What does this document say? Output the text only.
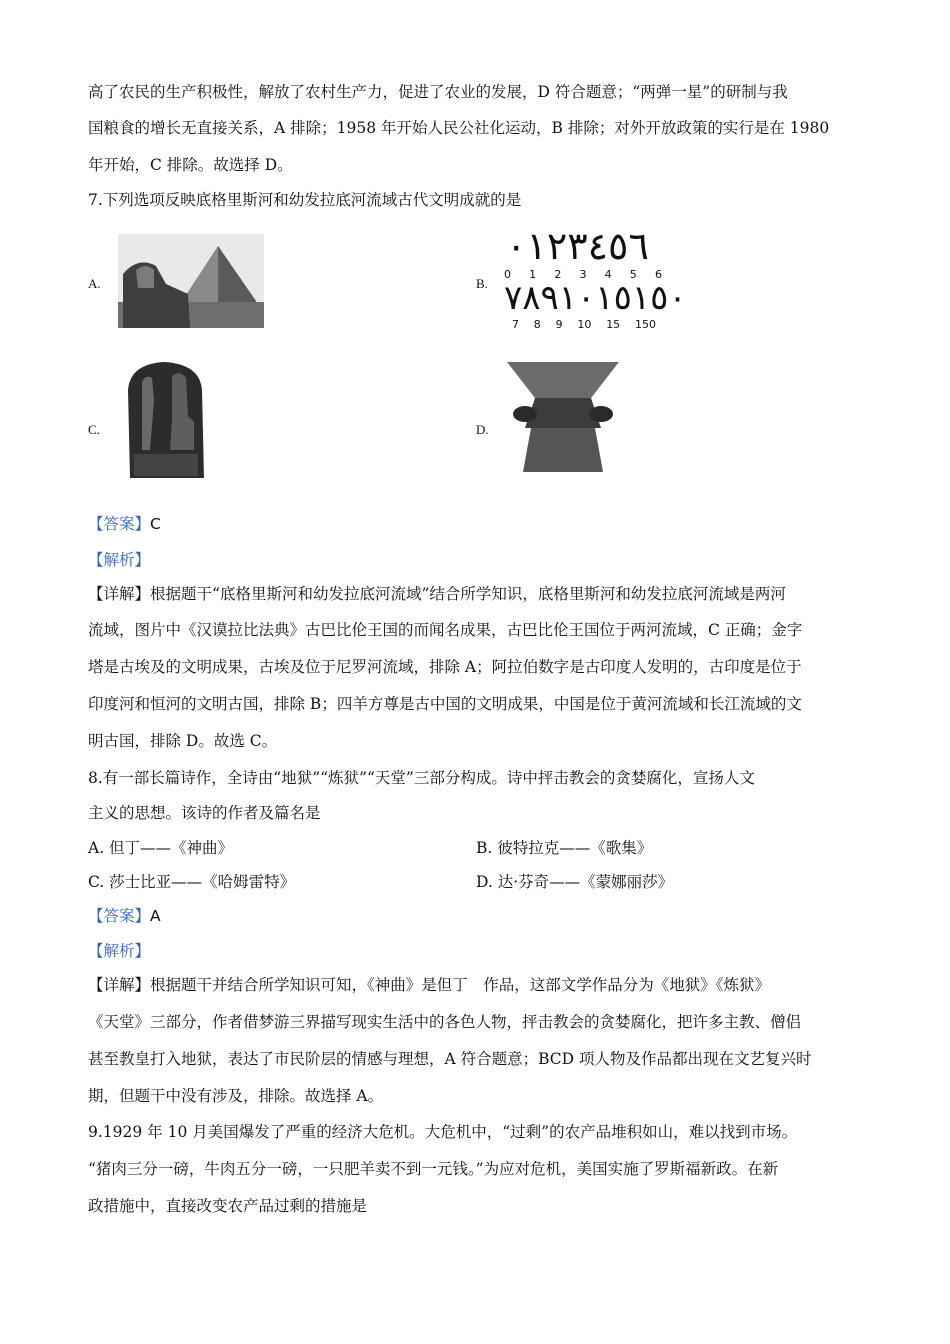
高了农民的生产积极性，解放了农村生产力，促进了农业的发展，D 符合题意；“两弹一星”的研制与我
国粮食的增长无直接关系，A 排除；1958 年开始人民公社化运动，B 排除；对外开放政策的实行是在 1980
年开始，C 排除。故选择 D。
7.下列选项反映底格里斯河和幼发拉底河流域古代文明成就的是
A.	B.
٠١٢٣٤٥٦
0 1 2 3 4 5 6
٧٨٩١٠١٥١٥٠
7 8 9 10 15 150
C.	D.
【答案】C
【解析】
【详解】根据题干“底格里斯河和幼发拉底河流域”结合所学知识，底格里斯河和幼发拉底河流域是两河
流域，图片中《汉谟拉比法典》古巴比伦王国的而闻名成果，古巴比伦王国位于两河流域，C 正确；金字
塔是古埃及的文明成果，古埃及位于尼罗河流域，排除 A；阿拉伯数字是古印度人发明的，古印度是位于
印度河和恒河的文明古国，排除 B；四羊方尊是古中国的文明成果，中国是位于黄河流域和长江流域的文
明古国，排除 D。故选 C。
8.有一部长篇诗作，全诗由“地狱”“炼狱”“天堂”三部分构成。诗中抨击教会的贪婪腐化，宣扬人文
主义的思想。该诗的作者及篇名是
A. 但丁——《神曲》	B. 彼特拉克——《歌集》
C. 莎士比亚——《哈姆雷特》	D. 达·芬奇——《蒙娜丽莎》
【答案】A
【解析】
【详解】根据题干并结合所学知识可知，《神曲》是但丁　作品，这部文学作品分为《地狱》《炼狱》
《天堂》三部分，作者借梦游三界描写现实生活中的各色人物，抨击教会的贪婪腐化，把许多主教、僧侣
甚至教皇打入地狱，表达了市民阶层的情感与理想，A 符合题意；BCD 项人物及作品都出现在文艺复兴时
期，但题干中没有涉及，排除。故选择 A。
9.1929 年 10 月美国爆发了严重的经济大危机。大危机中，“过剩”的农产品堆积如山，难以找到市场。
“猪肉三分一磅，牛肉五分一磅，一只肥羊卖不到一元钱。”为应对危机，美国实施了罗斯福新政。在新
政措施中，直接改变农产品过剩的措施是
